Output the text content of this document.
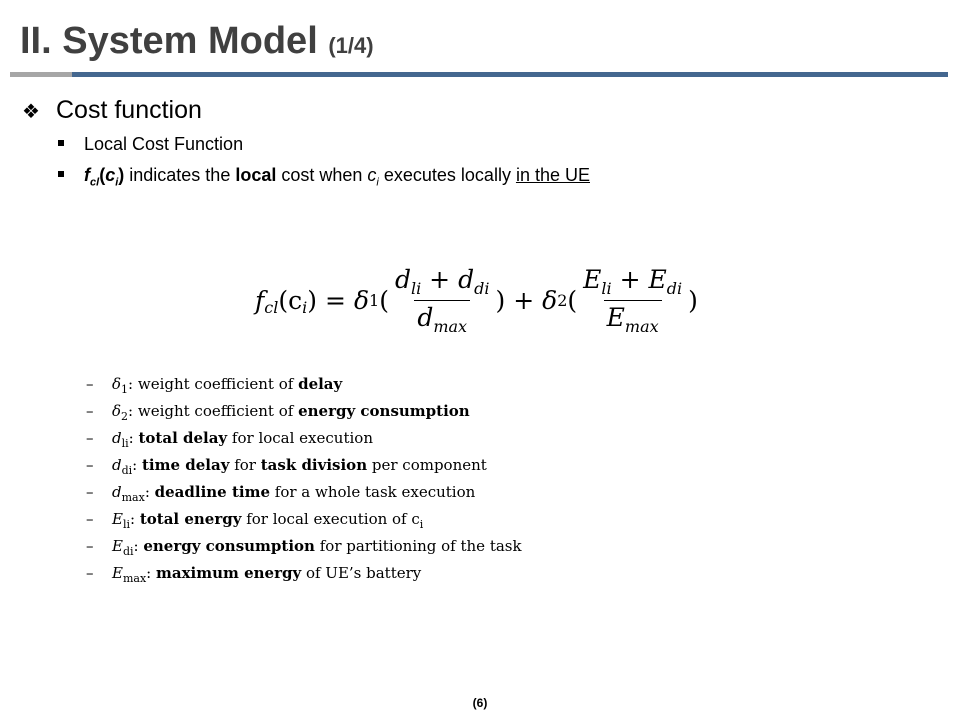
II. System Model (1/4)
❖ Cost function
Local Cost Function
$f_{cl}(c_i)$ indicates the local cost when $c_i$ executes locally in the UE
f $_{cl}$ (c $_i$ ) = δ 1 ( $\frac{d_{li} + d_{di}}{d_{max}}$ ) + δ 2 ( $\frac{E_{li} + E_{di}}{E_{max}}$ )
– $\delta_1$: weight coefficient of delay
– $\delta_2$: weight coefficient of energy consumption
– $d_{li}$: total delay for local execution
– $d_{di}$: time delay for task division per component
– $d_{max}$: deadline time for a whole task execution
– $E_{li}$: total energy for local execution of $c_i$
– $E_{di}$: energy consumption for partitioning of the task
– $E_{max}$: maximum energy of UE’s battery
(6)
